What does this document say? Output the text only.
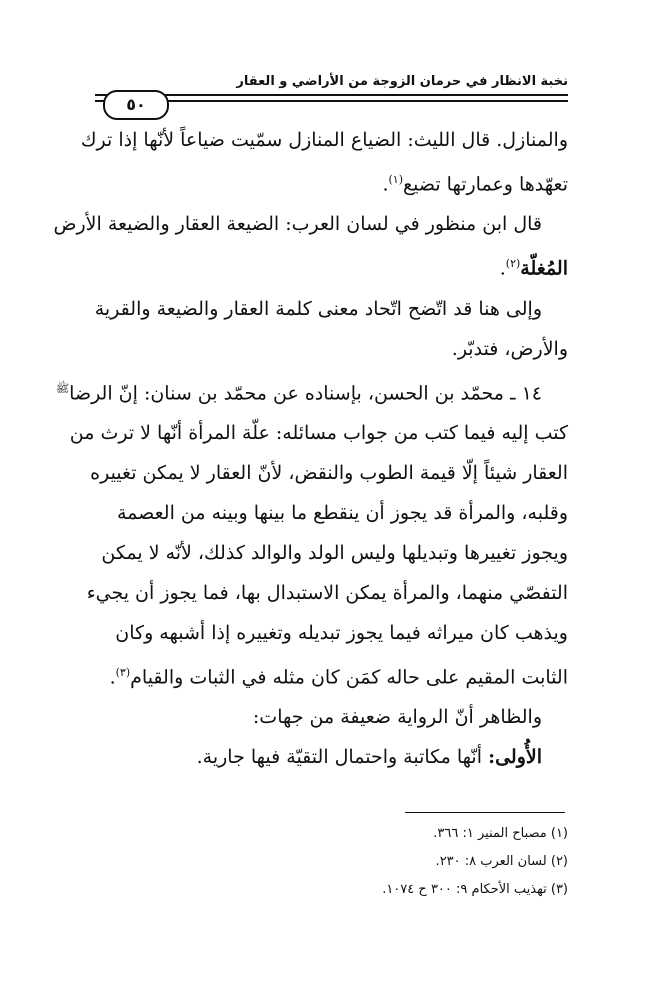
نخبة الانظار في حرمان الزوجة من الأراضي و العقار
٥٠
والمنازل. قال الليث: الضياع المنازل سمّيت ضياعاً لأنّها إذا ترك
تعهّدها وعمارتها تضيع$^{(١)}$.
قال ابن منظور في لسان العرب: الضيعة العقار والضيعة الأرض
المُغلّة$^{(٢)}$.
وإلى هنا قد اتّضح اتّحاد معنى كلمة العقار والضيعة والقرية
والأرض، فتدبّر.
١٤ ـ محمّد بن الحسن، بإسناده عن محمّد بن سنان: إنّ الرضا$^ﷺ$
كتب إليه فيما كتب من جواب مسائله: علّة المرأة أنّها لا ترث من
العقار شيئاً إلّا قيمة الطوب والنقض، لأنّ العقار لا يمكن تغييره
وقلبه، والمرأة قد يجوز أن ينقطع ما بينها وبينه من العصمة
ويجوز تغييرها وتبديلها وليس الولد والوالد كذلك، لأنّه لا يمكن
التفصّي منهما، والمرأة يمكن الاستبدال بها، فما يجوز أن يجيء
ويذهب كان ميراثه فيما يجوز تبديله وتغييره إذا أشبهه وكان
الثابت المقيم على حاله كمَن كان مثله في الثبات والقيام$^{(٣)}$.
والظاهر أنّ الرواية ضعيفة من جهات:
الأُولى: أنّها مكاتبة واحتمال التقيّة فيها جارية.
(١) مصباح المنير ١: ٣٦٦.
(٢) لسان العرب ٨: ٢٣٠.
(٣) تهذيب الأحكام ٩: ٣٠٠ ح ١٠٧٤.
